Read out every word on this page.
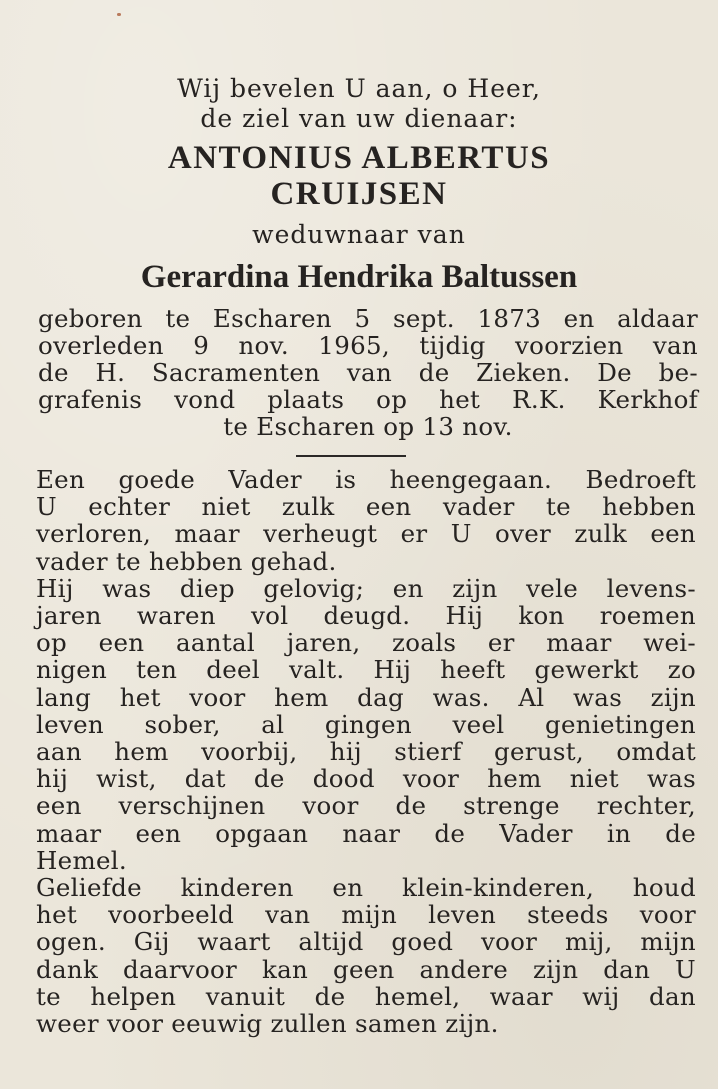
Wij bevelen U aan, o Heer,
de ziel van uw dienaar:
ANTONIUS ALBERTUS
CRUIJSEN
weduwnaar van
Gerardina Hendrika Baltussen
geboren te Escharen 5 sept. 1873 en aldaar
overleden 9 nov. 1965, tijdig voorzien van
de H. Sacramenten van de Zieken. De be-
grafenis vond plaats op het R.K. Kerkhof
te Escharen op 13 nov.
Een goede Vader is heengegaan. Bedroeft
U echter niet zulk een vader te hebben
verloren, maar verheugt er U over zulk een
vader te hebben gehad.
Hij was diep gelovig; en zijn vele levens-
jaren waren vol deugd. Hij kon roemen
op een aantal jaren, zoals er maar wei-
nigen ten deel valt. Hij heeft gewerkt zo
lang het voor hem dag was. Al was zijn
leven sober, al gingen veel genietingen
aan hem voorbij, hij stierf gerust, omdat
hij wist, dat de dood voor hem niet was
een verschijnen voor de strenge rechter,
maar een opgaan naar de Vader in de
Hemel.
Geliefde kinderen en klein-kinderen, houd
het voorbeeld van mijn leven steeds voor
ogen. Gij waart altijd goed voor mij, mijn
dank daarvoor kan geen andere zijn dan U
te helpen vanuit de hemel, waar wij dan
weer voor eeuwig zullen samen zijn.
